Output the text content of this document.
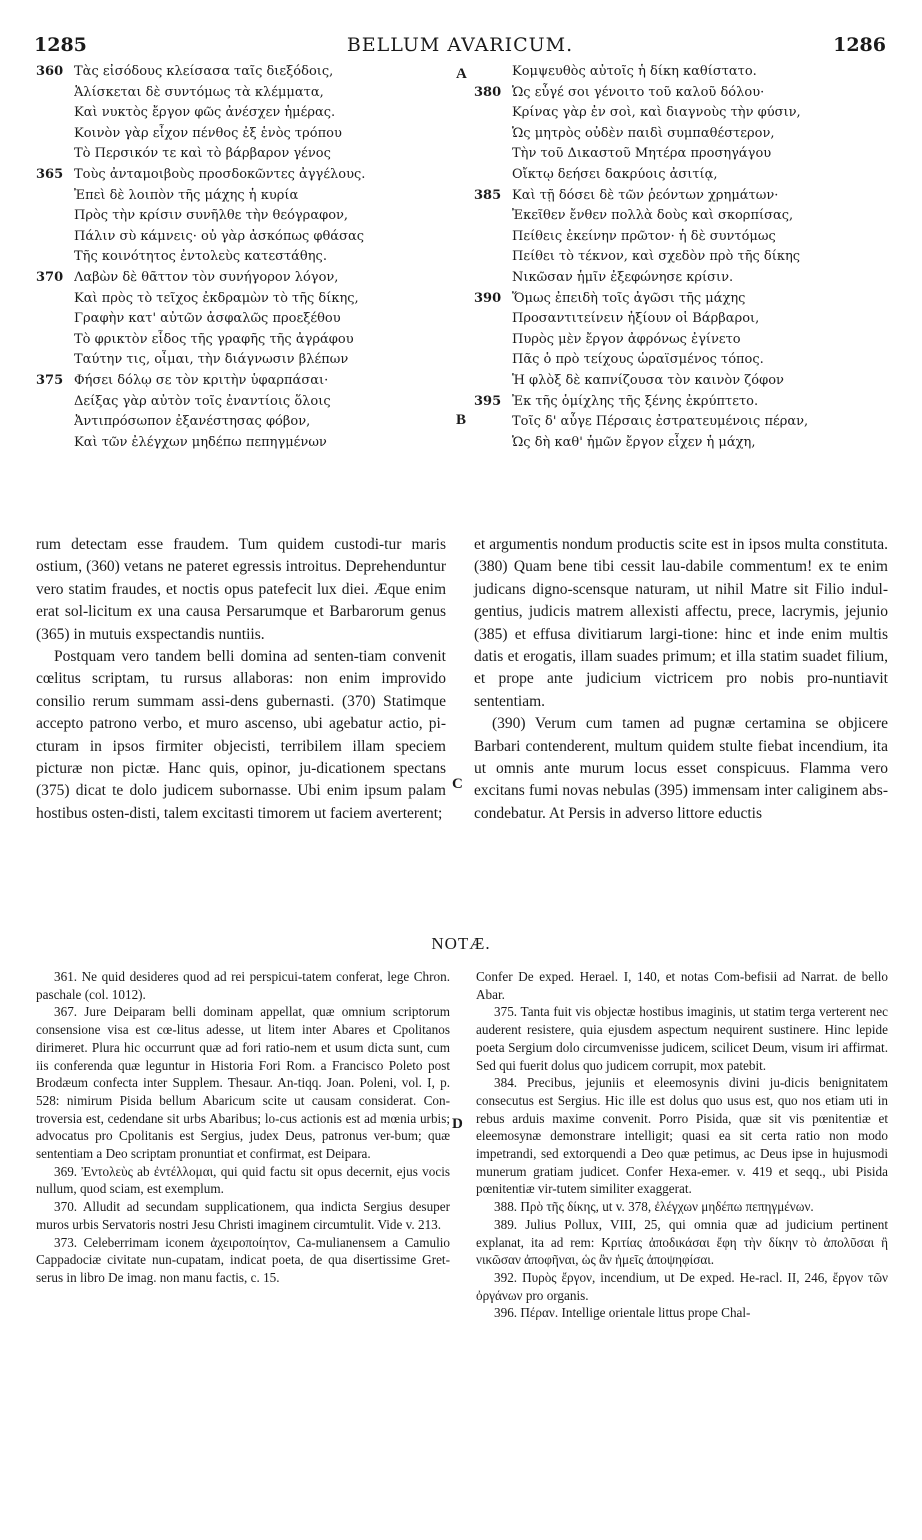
1285	BELLUM AVARICUM.	1286
360 Τὰς εἰσόδους κλείσασα ταῖς διεξόδοις,
Ἁλίσκεται δὲ συντόμως τὰ κλέμματα,
Καὶ νυκτὸς ἔργον φῶς ἀνέσχεν ἡμέρας.
Κοινὸν γὰρ εἶχον πένθος ἐξ ἑνὸς τρόπου
Τὸ Περσικόν τε καὶ τὸ βάρβαρον γένος
365 Τοὺς ἀνταμοιβοὺς προσδοκῶντες ἀγγέλους.
Ἐπεὶ δὲ λοιπὸν τῆς μάχης ἡ κυρία
Πρὸς τὴν κρίσιν συνῆλθε τὴν θεόγραφον,
Πάλιν σὺ κάμνεις· οὐ γὰρ ἀσκόπως φθάσας
Τῆς κοινότητος ἐντολεὺς κατεστάθης.
370 Λαβὼν δὲ θᾶττον τὸν συνήγορον λόγον,
Καὶ πρὸς τὸ τεῖχος ἐκδραμὼν τὸ τῆς δίκης,
Γραφὴν κατ' αὐτῶν ἀσφαλῶς προεξέθου
Τὸ φρικτὸν εἶδος τῆς γραφῆς τῆς ἀγράφου
Ταύτην τις, οἶμαι, τὴν διάγνωσιν βλέπων
375 Φήσει δόλῳ σε τὸν κριτὴν ὑφαρπάσαι·
Δείξας γὰρ αὐτὸν τοῖς ἐναντίοις ὅλοις
Ἀντιπρόσωπον ἐξανέστησας φόβον,
Καὶ τῶν ἐλέγχων μηδέπω πεπηγμένων
Κομψευθὸς αὐτοῖς ἡ δίκη καθίστατο.
380 Ὡς εὖγέ σοι γένοιτο τοῦ καλοῦ δόλου·
Κρίνας γὰρ ἐν σοὶ, καὶ διαγνοὺς τὴν φύσιν,
Ὡς μητρὸς οὐδὲν παιδὶ συμπαθέστερον,
Τὴν τοῦ Δικαστοῦ Μητέρα προσηγάγου
Οἴκτῳ δεήσει δακρύοις ἀσιτίᾳ,
385 Καὶ τῇ δόσει δὲ τῶν ῥεόντων χρημάτων·
Ἐκεῖθεν ἔνθεν πολλὰ δοὺς καὶ σκορπίσας,
Πείθεις ἐκείνην πρῶτον· ἡ δὲ συντόμως
Πείθει τὸ τέκνον, καὶ σχεδὸν πρὸ τῆς δίκης
Νικῶσαν ἡμῖν ἐξεφώνησε κρίσιν.
390 Ὅμως ἐπειδὴ τοῖς ἀγῶσι τῆς μάχης
Προσαντιτείνειν ἠξίουν οἱ Βάρβαροι,
Πυρὸς μὲν ἔργον ἀφρόνως ἐγίνετο
Πᾶς ὁ πρὸ τείχους ὡραϊσμένος τόπος.
Ἡ φλὸξ δὲ καπνίζουσα τὸν καινὸν ζόφον
395 Ἐκ τῆς ὁμίχλης τῆς ξένης ἐκρύπτετο.
Τοῖς δ' αὖγε Πέρσαις ἐστρατευμένοις πέραν,
Ὡς δὴ καθ' ἡμῶν ἔργον εἶχεν ἡ μάχη,
A
B
C
D

rum detectam esse fraudem. Tum quidem custodi-tur maris ostium, (360) vetans ne pateret egressis introitus. Deprehenduntur vero statim fraudes, et noctis opus patefecit lux diei. Æque enim erat sol-licitum ex una causa Persarumque et Barbarorum genus (365) in mutuis exspectandis nuntiis.

Postquam vero tandem belli domina ad senten-tiam convenit cœlitus scriptam, tu rursus allaboras: non enim improvido consilio rerum summam assi-dens gubernasti. (370) Statimque accepto patrono verbo, et muro ascenso, ubi agebatur actio, pi-cturam in ipsos firmiter objecisti, terribilem illam speciem picturæ non pictæ. Hanc quis, opinor, ju-dicationem spectans (375) dicat te dolo judicem subornasse. Ubi enim ipsum palam hostibus osten-disti, talem excitasti timorem ut faciem averterent;

et argumentis nondum productis scite est in ipsos multa constituta. (380) Quam bene tibi cessit lau-dabile commentum! ex te enim judicans digno-scensque naturam, ut nihil Matre sit Filio indul-gentius, judicis matrem allexisti affectu, prece, lacrymis, jejunio (385) et effusa divitiarum largi-tione: hinc et inde enim multis datis et erogatis, illam suades primum; et illa statim suadet filium, et prope ante judicium victricem pro nobis pro-nuntiavit sententiam.

(390) Verum cum tamen ad pugnæ certamina se objicere Barbari contenderent, multum quidem stulte fiebat incendium, ita ut omnis ante murum locus esset conspicuus. Flamma vero excitans fumi novas nebulas (395) immensam inter caliginem abs-condebatur. At Persis in adverso littore eductis

NOTÆ.

361. Ne quid desideres quod ad rei perspicui-tatem conferat, lege Chron. paschale (col. 1012).

367. Jure Deiparam belli dominam appellat, quæ omnium scriptorum consensione visa est cœ-litus adesse, ut litem inter Abares et Cpolitanos dirimeret. Plura hic occurrunt quæ ad fori ratio-nem et usum dicta sunt, cum iis conferenda quæ leguntur in Historia Fori Rom. a Francisco Poleto post Brodæum confecta inter Supplem. Thesaur. An-tiqq. Joan. Poleni, vol. I, p. 528: nimirum Pisida bellum Abaricum scite ut causam considerat. Con-troversia est, cedendane sit urbs Abaribus; lo-cus actionis est ad mœnia urbis; advocatus pro Cpolitanis est Sergius, judex Deus, patronus ver-bum; quæ sententiam a Deo scriptam pronuntiat et confirmat, est Deipara.

369. Ἐντολεὺς ab ἐντέλλομαι, qui quid factu sit opus decernit, ejus vocis nullum, quod sciam, est exemplum.

370. Alludit ad secundam supplicationem, qua indicta Sergius desuper muros urbis Servatoris nostri Jesu Christi imaginem circumtulit. Vide v. 213.

373. Celeberrimam iconem ἀχειροποίητον, Ca-mulianensem a Camulio Cappadociæ civitate nun-cupatam, indicat poeta, de qua disertissime Gret-serus in libro De imag. non manu factis, c. 15.

Confer De exped. Herael. I, 140, et notas Com-befisii ad Narrat. de bello Abar.

375. Tanta fuit vis objectæ hostibus imaginis, ut statim terga verterent nec auderent resistere, quia ejusdem aspectum nequirent sustinere. Hinc lepide poeta Sergium dolo circumvenisse judicem, scilicet Deum, visum iri affirmat. Sed qui fuerit dolus quo judicem corrupit, mox patebit.

384. Precibus, jejuniis et eleemosynis divini ju-dicis benignitatem consecutus est Sergius. Hic ille est dolus quo usus est, quo nos etiam uti in rebus arduis maxime convenit. Porro Pisida, quæ sit vis pœnitentiæ et eleemosynæ demonstrare intelligit; quasi ea sit certa ratio non modo impetrandi, sed extorquendi a Deo quæ petimus, ac Deus ipse in hujusmodi munerum gratiam judicet. Confer Hexa-emer. v. 419 et seqq., ubi Pisida pœnitentiæ vir-tutem similiter exaggerat.

388. Πρὸ τῆς δίκης, ut v. 378, ἐλέγχων μηδέπω πεπηγμένων.

389. Julius Pollux, VIII, 25, qui omnia quæ ad judicium pertinent explanat, ita ad rem: Κριτίας ἀποδικάσαι ἔφη τὴν δίκην τὸ ἀπολῦσαι ἢ νικῶσαν ἀποφῆναι, ὡς ἂν ἡμεῖς ἀποψηφίσαι.

392. Πυρὸς ἔργον, incendium, ut De exped. He-racl. II, 246, ἔργον τῶν ὀργάνων pro organis.

396. Πέραν. Intellige orientale littus prope Chal-
